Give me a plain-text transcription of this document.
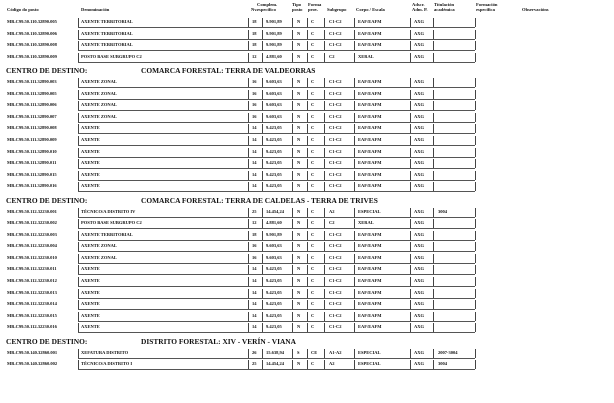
Código do posto	Denominación	Nv.
Complem.
específico
Tipo
posto
Forma
prov.	Subgrupo Corpo / Escala
Adscr.
Adm. P.
Titulación
académica
Formación
específica	Observacións
MR.C99.50.110.32890.005	AXENTE TERRITORIAL	18 9.901,89	N C	C1-C2	EAF/EAFM	AXG
MR.C99.50.110.32890.006	AXENTE TERRITORIAL	18 9.901,89	N C	C1-C2	EAF/EAFM	AXG
MR.C99.50.110.32890.008	AXENTE TERRITORIAL	18 9.901,89	N C	C1-C2	EAF/EAFM	AXG
MR.C99.50.110.32890.009	POSTO BASE SUBGRUPO C2	12 4.881,60	N C	C2	XERAL	AXG
CENTRO DE DESTINO:	COMARCA FORESTAL: TERRA DE VALDEORRAS
MR.C99.50.111.32890.003	AXENTE ZONAL	16 9.603,63	N C	C1-C2	EAF/EAFM	AXG
MR.C99.50.111.32890.005	AXENTE ZONAL	16 9.603,63	N C	C1-C2	EAF/EAFM	AXG
MR.C99.50.111.32890.006	AXENTE ZONAL	16 9.603,63	N C	C1-C2	EAF/EAFM	AXG
MR.C99.50.111.32890.007	AXENTE ZONAL	16 9.603,63	N C	C1-C2	EAF/EAFM	AXG
MR.C99.50.111.32890.008	AXENTE	14 9.423,05	N C	C1-C2	EAF/EAFM	AXG
MR.C99.50.111.32890.009	AXENTE	14 9.423,05	N C	C1-C2	EAF/EAFM	AXG
MR.C99.50.111.32890.010	AXENTE	14 9.423,05	N C	C1-C2	EAF/EAFM	AXG
MR.C99.50.111.32890.011	AXENTE	14 9.423,05	N C	C1-C2	EAF/EAFM	AXG
MR.C99.50.111.32890.015	AXENTE	14 9.423,05	N C	C1-C2	EAF/EAFM	AXG
MR.C99.50.111.32890.016	AXENTE	14 9.423,05	N C	C1-C2	EAF/EAFM	AXG
CENTRO DE DESTINO:	COMARCA FORESTAL: TERRA DE CALDELAS - TERRA DE TRIVES
MR.C99.50.112.32230.001	TÉCNICO/A DISTRITO IV	25 14.454,24	N C	A2	ESPECIAL	AXG	3004
MR.C99.50.112.32230.002	POSTO BASE SUBGRUPO C2	12 4.881,60	N C	C2	XERAL	AXG
MR.C99.50.112.32230.003	AXENTE TERRITORIAL	18 9.901,89	N C	C1-C2	EAF/EAFM	AXG
MR.C99.50.112.32230.004	AXENTE ZONAL	16 9.603,63	N C	C1-C2	EAF/EAFM	AXG
MR.C99.50.112.32230.010	AXENTE ZONAL	16 9.603,63	N C	C1-C2	EAF/EAFM	AXG
MR.C99.50.112.32230.011	AXENTE	14 9.423,05	N C	C1-C2	EAF/EAFM	AXG
MR.C99.50.112.32230.012	AXENTE	14 9.423,05	N C	C1-C2	EAF/EAFM	AXG
MR.C99.50.112.32230.013	AXENTE	14 9.423,05	N C	C1-C2	EAF/EAFM	AXG
MR.C99.50.112.32230.014	AXENTE	14 9.423,05	N C	C1-C2	EAF/EAFM	AXG
MR.C99.50.112.32230.015	AXENTE	14 9.423,05	N C	C1-C2	EAF/EAFM	AXG
MR.C99.50.112.32230.016	AXENTE	14 9.423,05	N C	C1-C2	EAF/EAFM	AXG
CENTRO DE DESTINO:	DISTRITO FORESTAL: XIV - VERÍN - VIANA
MR.C99.50.140.32860.001	XEFATURA DISTRITO	26 15.638,94	S	CE	A1-A2	ESPECIAL	AXG	2007-3004
MR.C99.50.140.32860.002	TÉCNICO/A DISTRITO I	25 14.454,24	N C	A2	ESPECIAL	AXG	3004
